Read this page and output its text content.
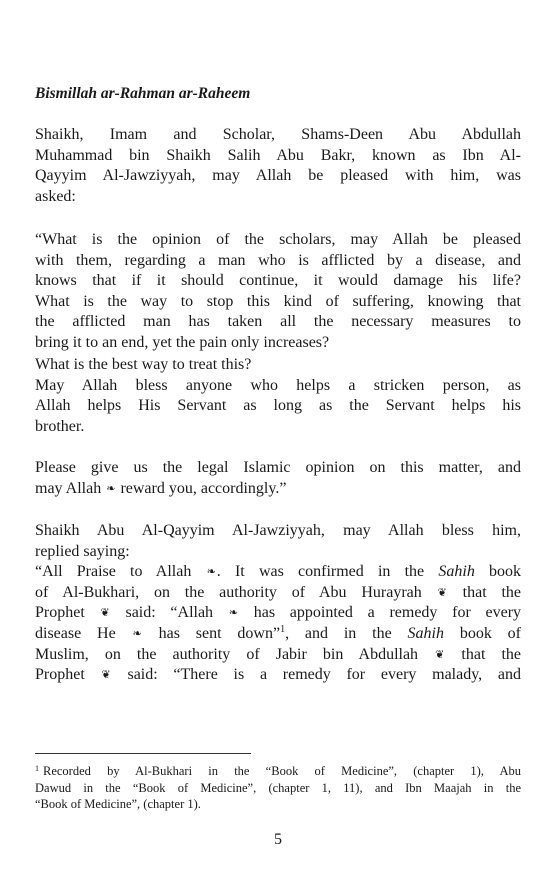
Bismillah ar-Rahman ar-Raheem

Shaikh, Imam and Scholar, Shams-Deen Abu Abdullah
Muhammad bin Shaikh Salih Abu Bakr, known as Ibn Al-
Qayyim Al-Jawziyyah, may Allah be pleased with him, was
asked:

“What is the opinion of the scholars, may Allah be pleased
with them, regarding a man who is afflicted by a disease, and
knows that if it should continue, it would damage his life?
What is the way to stop this kind of suffering, knowing that
the afflicted man has taken all the necessary measures to
bring it to an end, yet the pain only increases?

What is the best way to treat this?
May Allah bless anyone who helps a stricken person, as
Allah helps His Servant as long as the Servant helps his
brother.

Please give us the legal Islamic opinion on this matter, and
may Allah ❧ reward you, accordingly.”

Shaikh Abu Al-Qayyim Al-Jawziyyah, may Allah bless him,
replied saying:
“All Praise to Allah ❧. It was confirmed in the Sahih book
of Al-Bukhari, on the authority of Abu Hurayrah ❦ that the
Prophet ❦ said: “Allah ❧ has appointed a remedy for every
disease He ❧ has sent down”$^1$, and in the Sahih book of
Muslim, on the authority of Jabir bin Abdullah ❦ that the
Prophet ❦ said: “There is a remedy for every malady, and

$^1$ Recorded by Al-Bukhari in the “Book of Medicine”, (chapter 1), Abu
Dawud in the “Book of Medicine”, (chapter 1, 11), and Ibn Maajah in the
“Book of Medicine”, (chapter 1).

5
